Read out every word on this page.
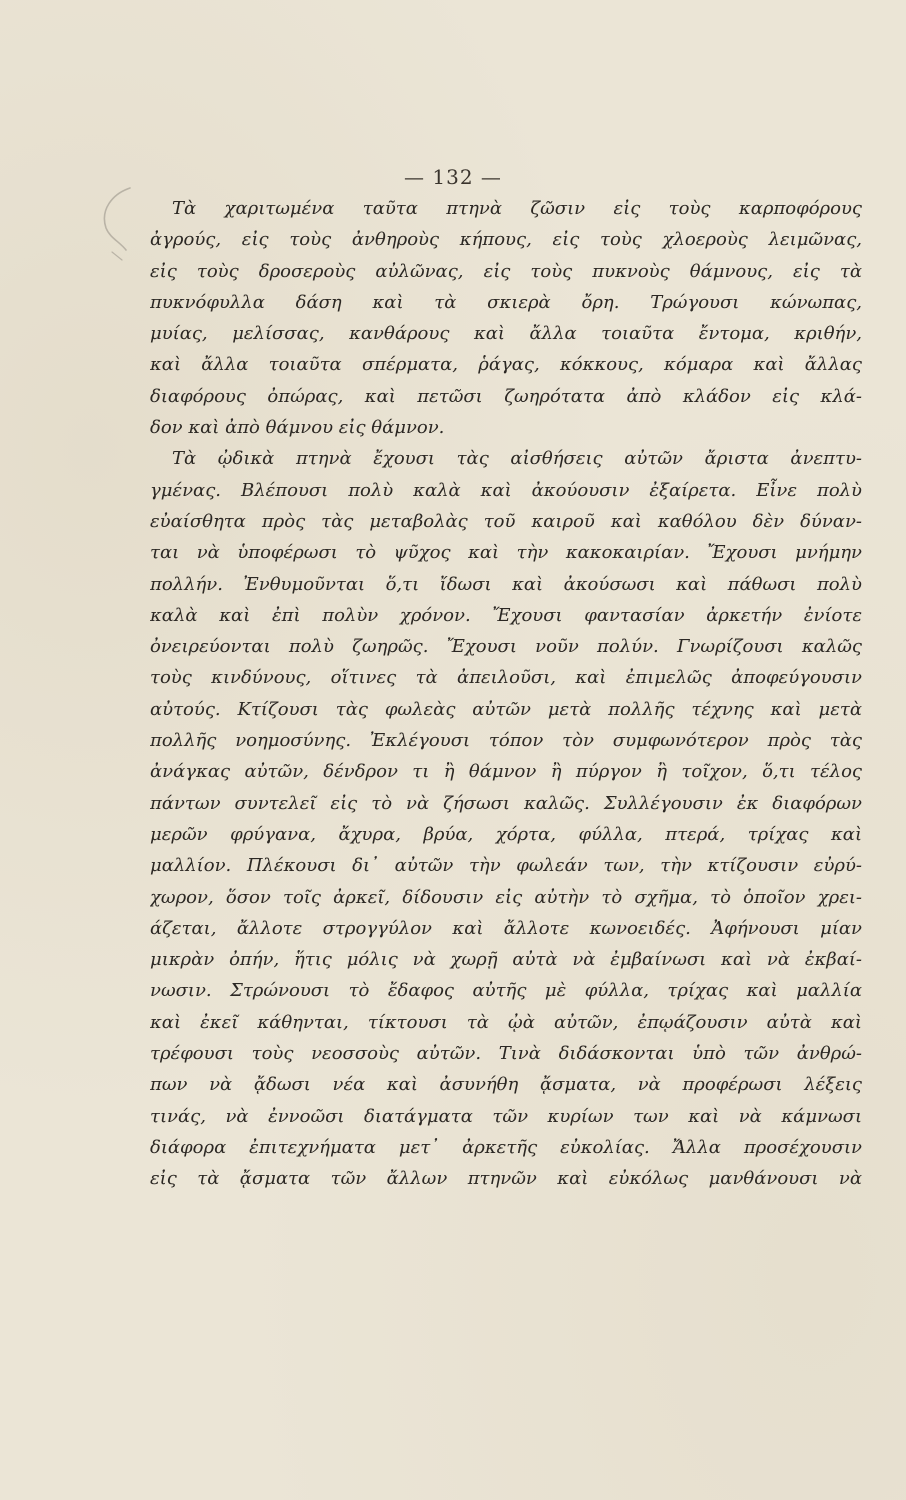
— 132 —
Τὰ χαριτωμένα ταῦτα πτηνὰ ζῶσιν εἰς τοὺς καρποφόρους
ἀγρούς, εἰς τοὺς ἀνθηροὺς κήπους, εἰς τοὺς χλοεροὺς λειμῶνας,
εἰς τοὺς δροσεροὺς αὐλῶνας, εἰς τοὺς πυκνοὺς θάμνους, εἰς τὰ
πυκνόφυλλα δάση καὶ τὰ σκιερὰ ὄρη. Τρώγουσι κώνωπας,
μυίας, μελίσσας, κανθάρους καὶ ἄλλα τοιαῦτα ἔντομα, κριθήν,
καὶ ἄλλα τοιαῦτα σπέρματα, ῥάγας, κόκκους, κόμαρα καὶ ἄλλας
διαφόρους ὀπώρας, καὶ πετῶσι ζωηρότατα ἀπὸ κλάδον εἰς κλά-
δον καὶ ἀπὸ θάμνου εἰς θάμνον.
Τὰ ᾠδικὰ πτηνὰ ἔχουσι τὰς αἰσθήσεις αὐτῶν ἄριστα ἀνεπτυ-
γμένας. Βλέπουσι πολὺ καλὰ καὶ ἀκούουσιν ἐξαίρετα. Εἶνε πολὺ
εὐαίσθητα πρὸς τὰς μεταβολὰς τοῦ καιροῦ καὶ καθόλου δὲν δύναν-
ται νὰ ὑποφέρωσι τὸ ψῦχος καὶ τὴν κακοκαιρίαν. Ἔχουσι μνήμην
πολλήν. Ἐνθυμοῦνται ὅ,τι ἴδωσι καὶ ἀκούσωσι καὶ πάθωσι πολὺ
καλὰ καὶ ἐπὶ πολὺν χρόνον. Ἔχουσι φαντασίαν ἀρκετήν ἐνίοτε
ὀνειρεύονται πολὺ ζωηρῶς. Ἔχουσι νοῦν πολύν. Γνωρίζουσι καλῶς
τοὺς κινδύνους, οἵτινες τὰ ἀπειλοῦσι, καὶ ἐπιμελῶς ἀποφεύγουσιν
αὐτούς. Κτίζουσι τὰς φωλεὰς αὐτῶν μετὰ πολλῆς τέχνης καὶ μετὰ
πολλῆς νοημοσύνης. Ἐκλέγουσι τόπον τὸν συμφωνότερον πρὸς τὰς
ἀνάγκας αὐτῶν, δένδρον τι ἢ θάμνον ἢ πύργον ἢ τοῖχον, ὅ,τι τέλος
πάντων συντελεῖ εἰς τὸ νὰ ζήσωσι καλῶς. Συλλέγουσιν ἐκ διαφόρων
μερῶν φρύγανα, ἄχυρα, βρύα, χόρτα, φύλλα, πτερά, τρίχας καὶ
μαλλίον. Πλέκουσι δι᾽ αὐτῶν τὴν φωλεάν των, τὴν κτίζουσιν εὐρύ-
χωρον, ὅσον τοῖς ἀρκεῖ, δίδουσιν εἰς αὐτὴν τὸ σχῆμα, τὸ ὁποῖον χρει-
άζεται, ἄλλοτε στρογγύλον καὶ ἄλλοτε κωνοειδές. Ἀφήνουσι μίαν
μικρὰν ὀπήν, ἥτις μόλις νὰ χωρῇ αὐτὰ νὰ ἐμβαίνωσι καὶ νὰ ἐκβαί-
νωσιν. Στρώνουσι τὸ ἔδαφος αὐτῆς μὲ φύλλα, τρίχας καὶ μαλλία
καὶ ἐκεῖ κάθηνται, τίκτουσι τὰ ᾠὰ αὐτῶν, ἐπῳάζουσιν αὐτὰ καὶ
τρέφουσι τοὺς νεοσσοὺς αὐτῶν. Τινὰ διδάσκονται ὑπὸ τῶν ἀνθρώ-
πων νὰ ᾄδωσι νέα καὶ ἀσυνήθη ᾄσματα, νὰ προφέρωσι λέξεις
τινάς, νὰ ἐννοῶσι διατάγματα τῶν κυρίων των καὶ νὰ κάμνωσι
διάφορα ἐπιτεχνήματα μετ᾽ ἀρκετῆς εὐκολίας. Ἄλλα προσέχουσιν
εἰς τὰ ᾄσματα τῶν ἄλλων πτηνῶν καὶ εὐκόλως μανθάνουσι νὰ
